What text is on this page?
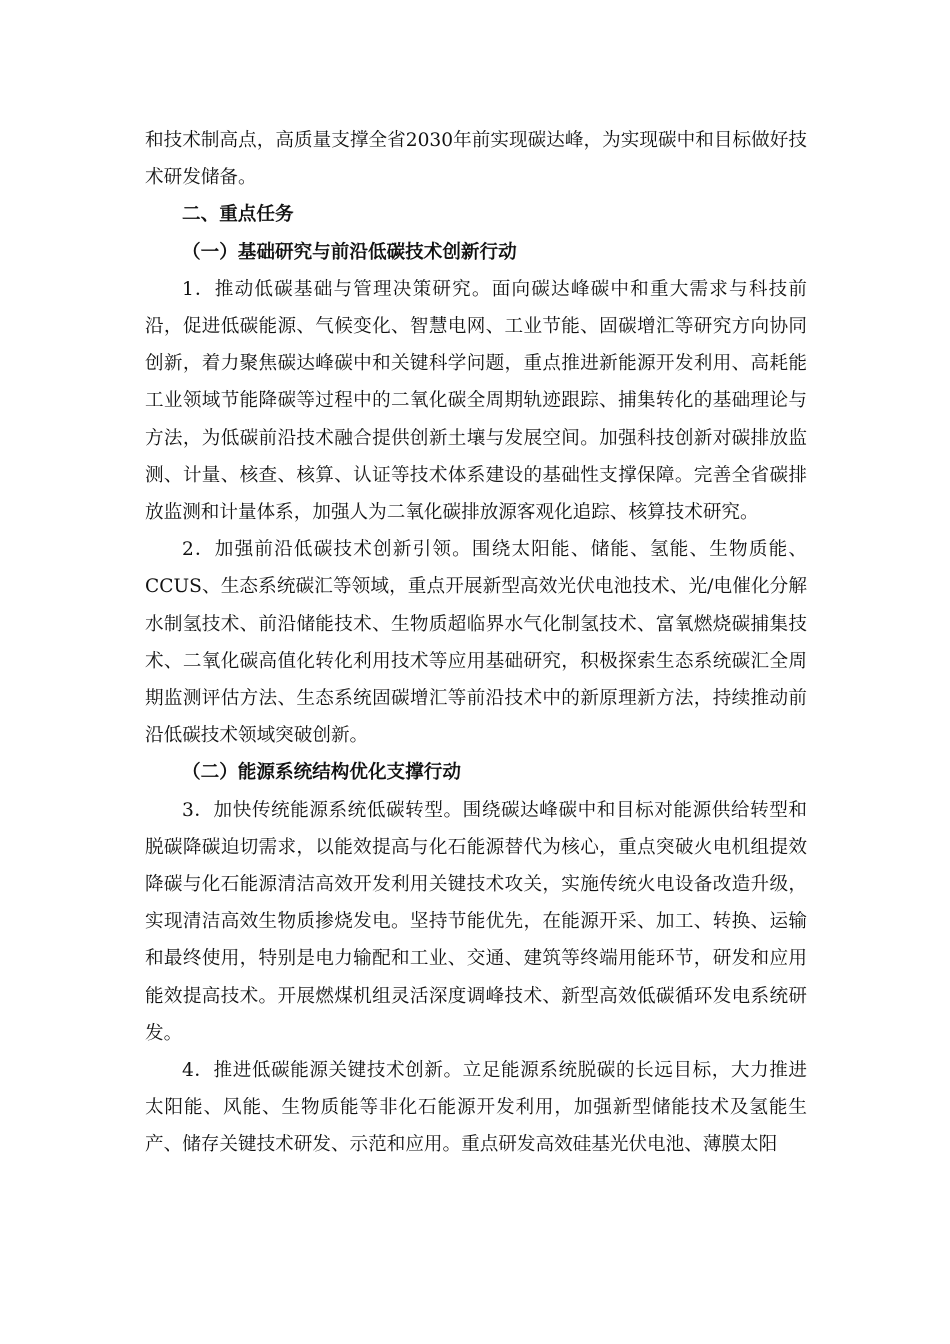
和技术制高点，高质量支撑全省2030年前实现碳达峰，为实现碳中和目标做好技术研发储备。

二、重点任务

（一）基础研究与前沿低碳技术创新行动

1．推动低碳基础与管理决策研究。面向碳达峰碳中和重大需求与科技前沿，促进低碳能源、气候变化、智慧电网、工业节能、固碳增汇等研究方向协同创新，着力聚焦碳达峰碳中和关键科学问题，重点推进新能源开发利用、高耗能工业领域节能降碳等过程中的二氧化碳全周期轨迹跟踪、捕集转化的基础理论与方法，为低碳前沿技术融合提供创新土壤与发展空间。加强科技创新对碳排放监测、计量、核查、核算、认证等技术体系建设的基础性支撑保障。完善全省碳排放监测和计量体系，加强人为二氧化碳排放源客观化追踪、核算技术研究。

2．加强前沿低碳技术创新引领。围绕太阳能、储能、氢能、生物质能、CCUS、生态系统碳汇等领域，重点开展新型高效光伏电池技术、光/电催化分解水制氢技术、前沿储能技术、生物质超临界水气化制氢技术、富氧燃烧碳捕集技术、二氧化碳高值化转化利用技术等应用基础研究，积极探索生态系统碳汇全周期监测评估方法、生态系统固碳增汇等前沿技术中的新原理新方法，持续推动前沿低碳技术领域突破创新。

（二）能源系统结构优化支撑行动

3．加快传统能源系统低碳转型。围绕碳达峰碳中和目标对能源供给转型和脱碳降碳迫切需求，以能效提高与化石能源替代为核心，重点突破火电机组提效降碳与化石能源清洁高效开发利用关键技术攻关，实施传统火电设备改造升级，实现清洁高效生物质掺烧发电。坚持节能优先，在能源开采、加工、转换、运输和最终使用，特别是电力输配和工业、交通、建筑等终端用能环节，研发和应用能效提高技术。开展燃煤机组灵活深度调峰技术、新型高效低碳循环发电系统研发。

4．推进低碳能源关键技术创新。立足能源系统脱碳的长远目标，大力推进太阳能、风能、生物质能等非化石能源开发利用，加强新型储能技术及氢能生产、储存关键技术研发、示范和应用。重点研发高效硅基光伏电池、薄膜太阳
